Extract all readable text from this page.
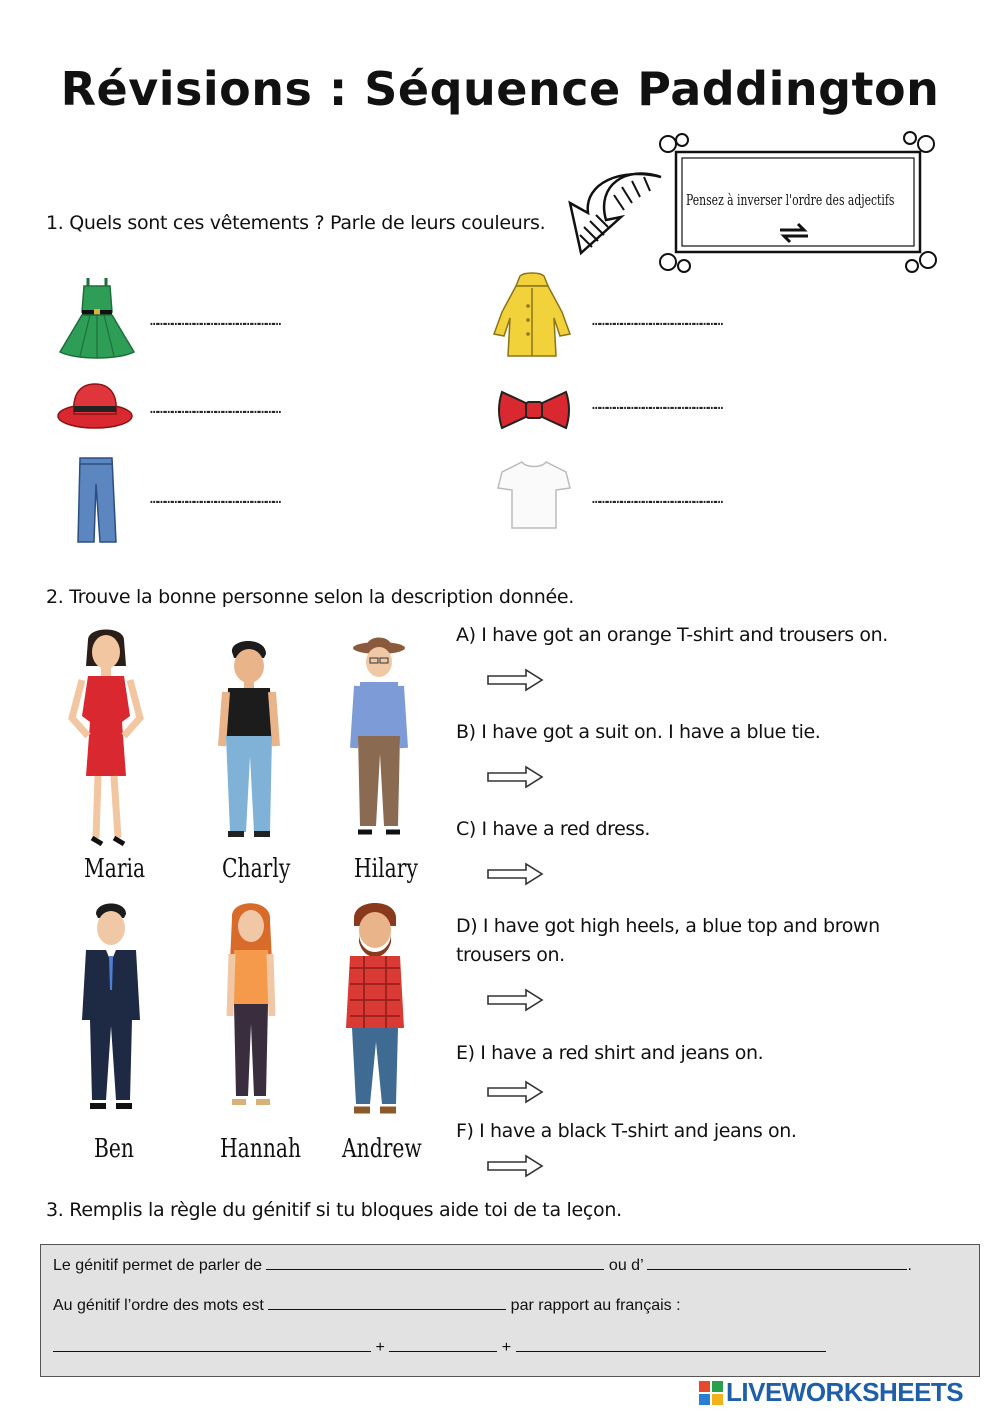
Révisions : Séquence Paddington
Pensez à inverser l'ordre des adjectifs
1. Quels sont ces vêtements ? Parle de leurs couleurs.
………………………………………………	………………………………………………
………………………………………………	………………………………………………
………………………………………………	………………………………………………
2. Trouve la bonne personne selon la description donnée.
Maria	Charly Hilary
Ben	Hannah Andrew
A) I have got an orange T-shirt and trousers on.
B) I have got a suit on. I have a blue tie.
C) I have a red dress.
D) I have got high heels, a blue top and brown
trousers on.
E) I have a red shirt and jeans on.
F) I have a black T-shirt and jeans on.
3. Remplis la règle du génitif si tu bloques aide toi de ta leçon.
Le génitif permet de parler de	ou d’	.
Au génitif l’ordre des mots est	par rapport au français :
+	+
LIVEWORKSHEETS
